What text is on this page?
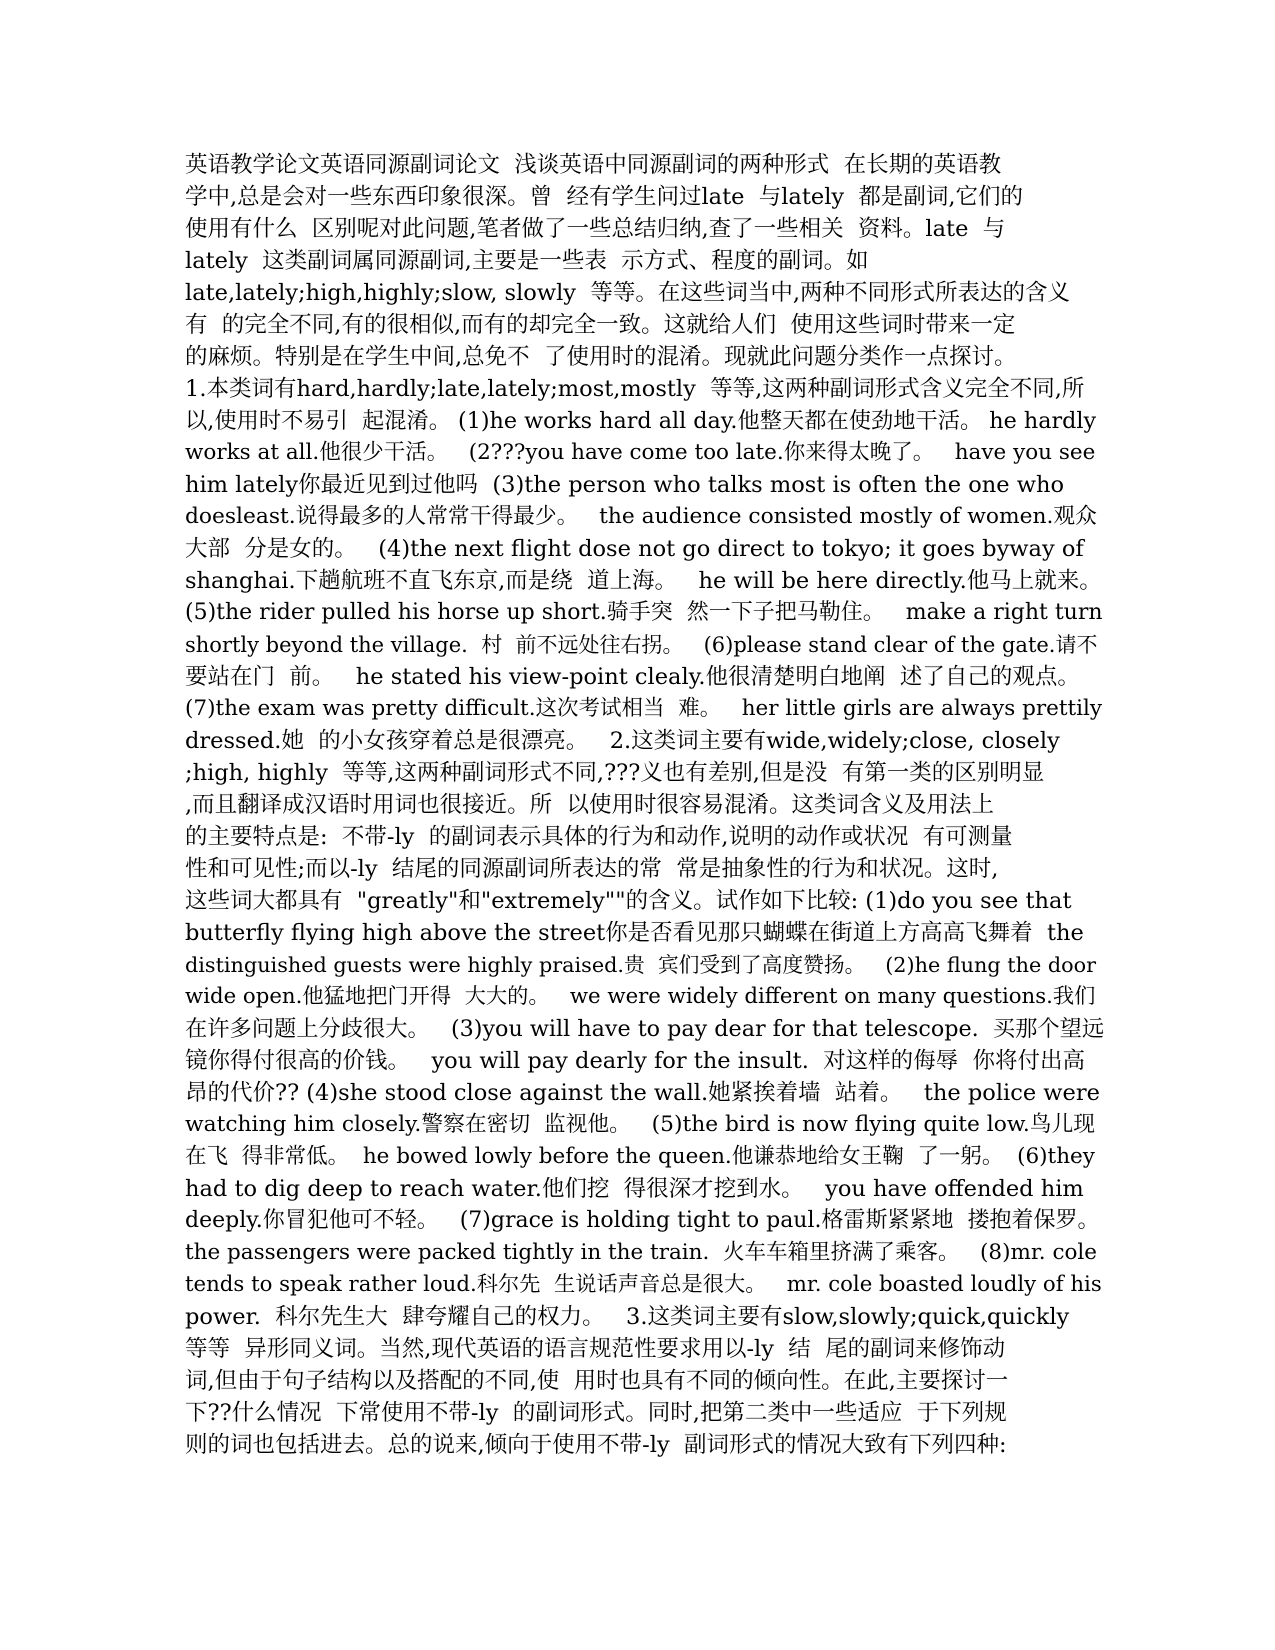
英语教学论文英语同源副词论文  浅谈英语中同源副词的两种形式  在长期的英语教
学中,总是会对一些东西印象很深。曾  经有学生问过late  与lately  都是副词,它们的
使用有什么  区别呢对此问题,笔者做了一些总结归纳,查了一些相关  资料。late  与
lately  这类副词属同源副词,主要是一些表  示方式、程度的副词。如
late,lately;high,highly;slow, slowly  等等。在这些词当中,两种不同形式所表达的含义
有  的完全不同,有的很相似,而有的却完全一致。这就给人们  使用这些词时带来一定
的麻烦。特别是在学生中间,总免不  了使用时的混淆。现就此问题分类作一点探讨。
1.本类词有hard,hardly;late,lately;most,mostly  等等,这两种副词形式含义完全不同,所
以,使用时不易引  起混淆。 (1)he works hard all day.他整天都在使劲地干活。 he hardly
works at all.他很少干活。   (2???you have come too late.你来得太晚了。   have you see
him lately你最近见到过他吗  (3)the person who talks most is often the one who
doesleast.说得最多的人常常干得最少。   the audience consisted mostly of women.观众
大部  分是女的。   (4)the next flight dose not go direct to tokyo; it goes byway of
shanghai.下趟航班不直飞东京,而是绕  道上海。   he will be here directly.他马上就来。
(5)the rider pulled his horse up short.骑手突  然一下子把马勒住。   make a right turn
shortly beyond the village.  村  前不远处往右拐。   (6)please stand clear of the gate.请不
要站在门  前。   he stated his view-point clealy.他很清楚明白地阐  述了自己的观点。
(7)the exam was pretty difficult.这次考试相当  难。   her little girls are always prettily
dressed.她  的小女孩穿着总是很漂亮。   2.这类词主要有wide,widely;close, closely
;high, highly  等等,这两种副词形式不同,???义也有差别,但是没  有第一类的区别明显
,而且翻译成汉语时用词也很接近。所  以使用时很容易混淆。这类词含义及用法上
的主要特点是:  不带-ly  的副词表示具体的行为和动作,说明的动作或状况  有可测量
性和可见性;而以-ly  结尾的同源副词所表达的常  常是抽象性的行为和状况。这时,
这些词大都具有  "greatly"和"extremely""的含义。试作如下比较: (1)do you see that
butterfly flying high above the street你是否看见那只蝴蝶在街道上方高高飞舞着  the
distinguished guests were highly praised.贵  宾们受到了高度赞扬。   (2)he flung the door
wide open.他猛地把门开得  大大的。   we were widely different on many questions.我们
在许多问题上分歧很大。   (3)you will have to pay dear for that telescope.  买那个望远
镜你得付很高的价钱。   you will pay dearly for the insult.  对这样的侮辱  你将付出高
昂的代价?? (4)she stood close against the wall.她紧挨着墙  站着。   the police were
watching him closely.警察在密切  监视他。   (5)the bird is now flying quite low.鸟儿现
在飞  得非常低。  he bowed lowly before the queen.他谦恭地给女王鞠  了一躬。  (6)they
had to dig deep to reach water.他们挖  得很深才挖到水。   you have offended him
deeply.你冒犯他可不轻。   (7)grace is holding tight to paul.格雷斯紧紧地  搂抱着保罗。
the passengers were packed tightly in the train.  火车车箱里挤满了乘客。   (8)mr. cole
tends to speak rather loud.科尔先  生说话声音总是很大。   mr. cole boasted loudly of his
power.  科尔先生大  肆夸耀自己的权力。   3.这类词主要有slow,slowly;quick,quickly
等等  异形同义词。当然,现代英语的语言规范性要求用以-ly  结  尾的副词来修饰动
词,但由于句子结构以及搭配的不同,使  用时也具有不同的倾向性。在此,主要探讨一
下??什么情况  下常使用不带-ly  的副词形式。同时,把第二类中一些适应  于下列规
则的词也包括进去。总的说来,倾向于使用不带-ly  副词形式的情况大致有下列四种:
